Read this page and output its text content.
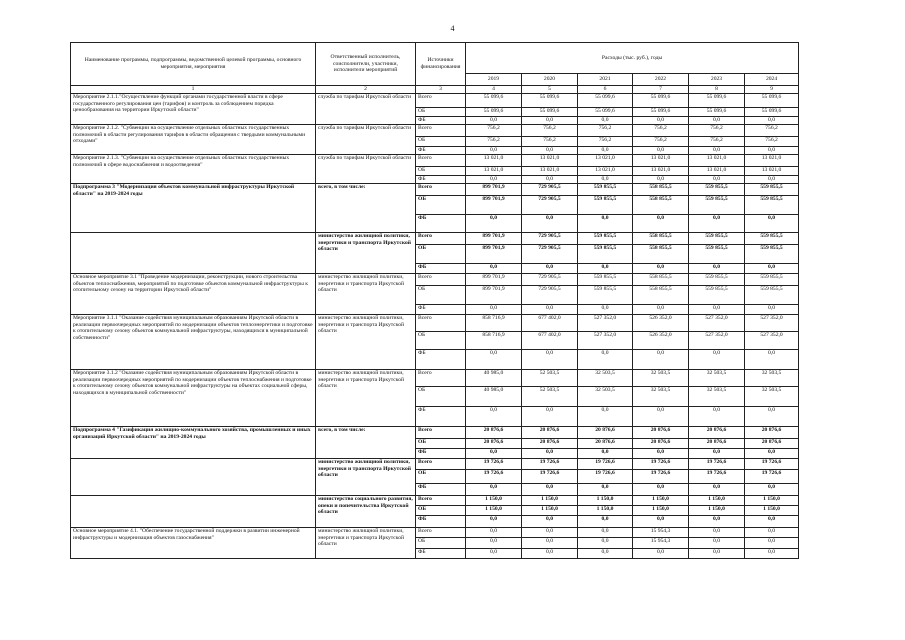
4
Наименование программы, подпрограммы, ведомственной целевой программы, основного мероприятия, мероприятия	Ответственный исполнитель, соисполнители, участники, исполнители мероприятий	Источники финансирования	Расходы (тыс. руб.), годы					
			2019	2020	2021	2022	2023	2024
1	2	3	4	5	6	7	8	9
Мероприятие 2.1.1."Осуществление функций органами государственной власти в сфере государственного регулирования цен (тарифов) и контроль за соблюдением порядка ценообразования на территории Иркутской области"	служба по тарифам Иркутской области	Всего	55 099,6	55 099,6	55 099,6	55 099,6	55 099,6	55 099,6
		ОБ	55 099,6	55 099,6	55 099,6	55 099,6	55 099,6	55 099,6
		ФБ	0,0	0,0	0,0	0,0	0,0	0,0
Мероприятие 2.1.2. "Субвенции на осуществление отдельных областных государственных полномочий в области регулирования тарифов в области обращения с твердыми коммунальными отходами"	служба по тарифам Иркутской области	Всего	756,2	756,2	756,2	756,2	756,2	756,2
		ОБ	756,2	756,2	756,2	756,2	756,2	756,2
		ФБ	0,0	0,0	0,0	0,0	0,0	0,0
Мероприятие 2.1.3. "Субвенции на осуществление отдельных областных государственных полномочий в сфере водоснабжения и водоотведения"	служба по тарифам Иркутской области	Всего	13 021,0	13 021,0	13 021,0	13 021,0	13 021,0	13 021,0
		ОБ	13 021,0	13 021,0	13 021,0	13 021,0	13 021,0	13 021,0
		ФБ	0,0	0,0	0,0	0,0	0,0	0,0
Подпрограмма 3 "Модернизация объектов коммунальной инфраструктуры Иркутской области" на 2019-2024 годы	всего, в том числе:	Всего	899 701,9	729 905,5	559 855,5	558 855,5	559 855,5	559 855,5
		ОБ	899 701,9	729 905,5	559 855,5	558 855,5	559 855,5	559 855,5
		ФБ	0,0	0,0	0,0	0,0	0,0	0,0
	министерство жилищной политики, энергетики и транспорта Иркутской области	Всего	899 701,9	729 905,5	559 855,5	558 855,5	559 855,5	559 855,5
		ОБ	899 701,9	729 905,5	559 855,5	558 855,5	559 855,5	559 855,5
		ФБ	0,0	0,0	0,0	0,0	0,0	0,0
Основное мероприятие 3.1 "Проведение модернизации, реконструкции, нового строительства объектов теплоснабжения, мероприятий по подготовке объектов коммунальной инфраструктуры к отопительному сезону на территории Иркутской области"	министерство жилищной политики, энергетики и транспорта Иркутской области	Всего	899 701,9	729 905,5	559 855,5	558 855,5	559 855,5	559 855,5
		ОБ	899 701,9	729 905,5	559 855,5	558 855,5	559 855,5	559 855,5
		ФБ	0,0	0,0	0,0	0,0	0,0	0,0
Мероприятие 3.1.1 "Оказание содействия муниципальным образованиям Иркутской области в реализации первоочередных мероприятий по модернизации объектов теплоэнергетики и подготовке к отопительному сезону объектов коммунальной инфраструктуры, находящихся в муниципальной собственности"	министерство жилищной политики, энергетики и транспорта Иркутской области	Всего	858 716,9	677 402,0	527 352,0	526 352,0	527 352,0	527 352,0
		ОБ	858 716,9	677 402,0	527 352,0	526 352,0	527 352,0	527 352,0
		ФБ	0,0	0,0	0,0	0,0	0,0	0,0
Мероприятие 3.1.2 "Оказание содействия муниципальным образованиям Иркутской области в реализации первоочередных мероприятий по модернизации объектов теплоснабжения и подготовке к отопительному сезону объектов коммунальной инфраструктуры на объектах социальной сферы, находящихся в муниципальной собственности"	министерство жилищной политики, энергетики и транспорта Иркутской области	Всего	40 985,0	52 503,5	32 503,5	32 503,5	32 503,5	32 503,5
		ОБ	40 985,0	52 503,5	32 503,5	32 503,5	32 503,5	32 503,5
		ФБ	0,0	0,0	0,0	0,0	0,0	0,0
Подпрограмма 4 "Газификация жилищно-коммунального хозяйства, промышленных и иных организаций Иркутской области" на 2019-2024 годы	всего, в том числе:	Всего	20 876,6	20 876,6	20 876,6	20 876,6	20 876,6	20 876,6
		ОБ	20 876,6	20 876,6	20 876,6	20 876,6	20 876,6	20 876,6
		ФБ	0,0	0,0	0,0	0,0	0,0	0,0
	министерство жилищной политики, энергетики и транспорта Иркутской области	Всего	19 726,6	19 726,6	19 726,6	19 726,6	19 726,6	19 726,6
		ОБ	19 726,6	19 726,6	19 726,6	19 726,6	19 726,6	19 726,6
		ФБ	0,0	0,0	0,0	0,0	0,0	0,0
	министерство социального развития, опеки и попечительства Иркутской области	Всего	1 150,0	1 150,0	1 150,0	1 150,0	1 150,0	1 150,0
		ОБ	1 150,0	1 150,0	1 150,0	1 150,0	1 150,0	1 150,0
		ФБ	0,0	0,0	0,0	0,0	0,0	0,0
Основное мероприятие 4.1. "Обеспечение государственной поддержки в развитии инженерной инфраструктуры и модернизация объектов газоснабжения"	министерство жилищной политики, энергетики и транспорта Иркутской области	Всего	0,0	0,0	0,0	15 954,3	0,0	0,0
		ОБ	0,0	0,0	0,0	15 954,3	0,0	0,0
		ФБ	0,0	0,0	0,0	0,0	0,0	0,0
